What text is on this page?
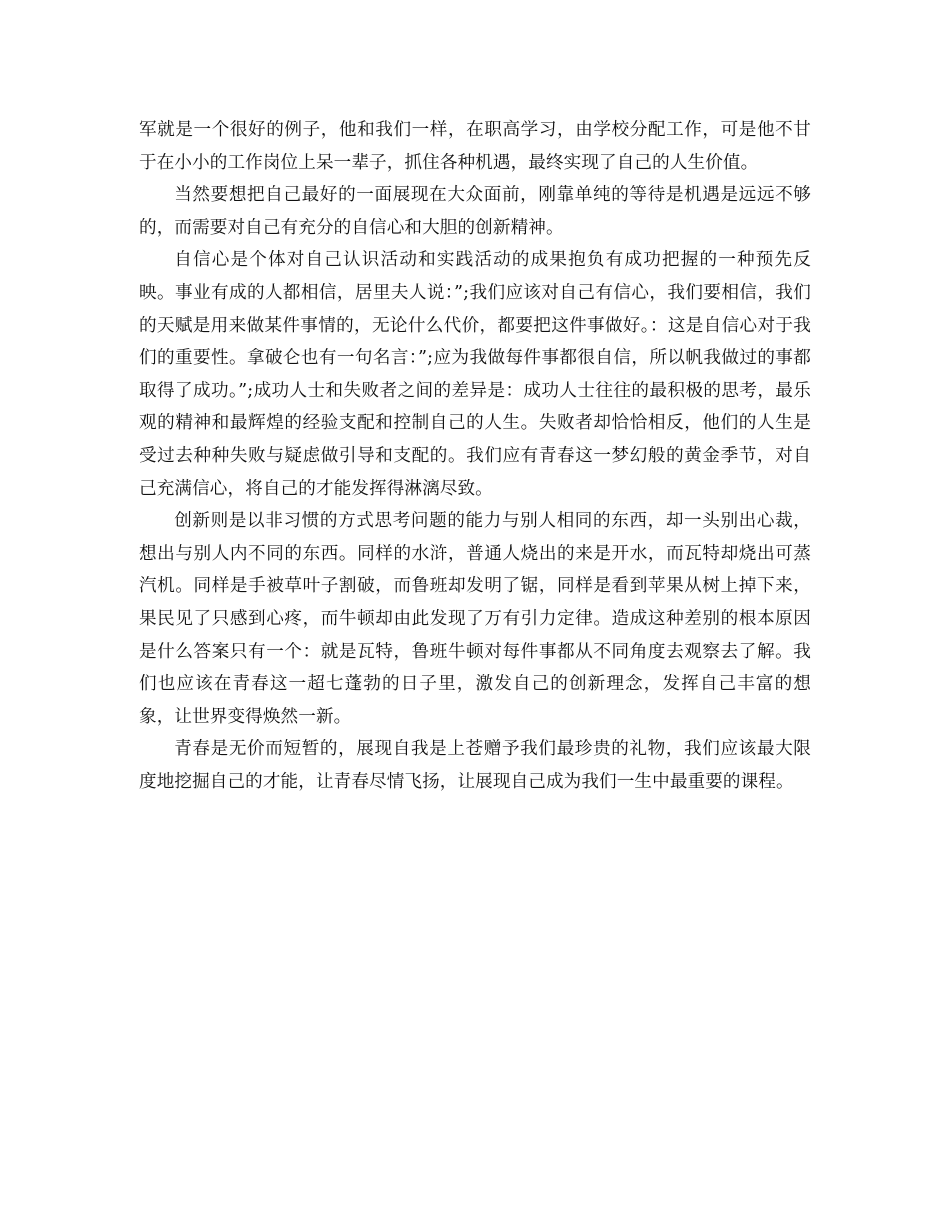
军就是一个很好的例子，他和我们一样，在职高学习，由学校分配工作，可是他不甘于在小小的工作岗位上呆一辈子，抓住各种机遇，最终实现了自己的人生价值。

当然要想把自己最好的一面展现在大众面前，刚靠单纯的等待是机遇是远远不够的，而需要对自己有充分的自信心和大胆的创新精神。

自信心是个体对自己认识活动和实践活动的成果抱负有成功把握的一种预先反映。事业有成的人都相信，居里夫人说：”;我们应该对自己有信心，我们要相信，我们的天赋是用来做某件事情的，无论什么代价，都要把这件事做好。：这是自信心对于我们的重要性。拿破仑也有一句名言：”;应为我做每件事都很自信，所以帆我做过的事都取得了成功。”;成功人士和失败者之间的差异是：成功人士往往的最积极的思考，最乐观的精神和最辉煌的经验支配和控制自己的人生。失败者却恰恰相反，他们的人生是受过去种种失败与疑虑做引导和支配的。我们应有青春这一梦幻般的黄金季节，对自己充满信心，将自己的才能发挥得淋漓尽致。

创新则是以非习惯的方式思考问题的能力与别人相同的东西，却一头别出心裁，想出与别人内不同的东西。同样的水浒，普通人烧出的来是开水，而瓦特却烧出可蒸汽机。同样是手被草叶子割破，而鲁班却发明了锯，同样是看到苹果从树上掉下来，果民见了只感到心疼，而牛顿却由此发现了万有引力定律。造成这种差别的根本原因是什么答案只有一个：就是瓦特，鲁班牛顿对每件事都从不同角度去观察去了解。我们也应该在青春这一超七蓬勃的日子里，激发自己的创新理念，发挥自己丰富的想象，让世界变得焕然一新。

青春是无价而短暂的，展现自我是上苍赠予我们最珍贵的礼物，我们应该最大限度地挖掘自己的才能，让青春尽情飞扬，让展现自己成为我们一生中最重要的课程。
